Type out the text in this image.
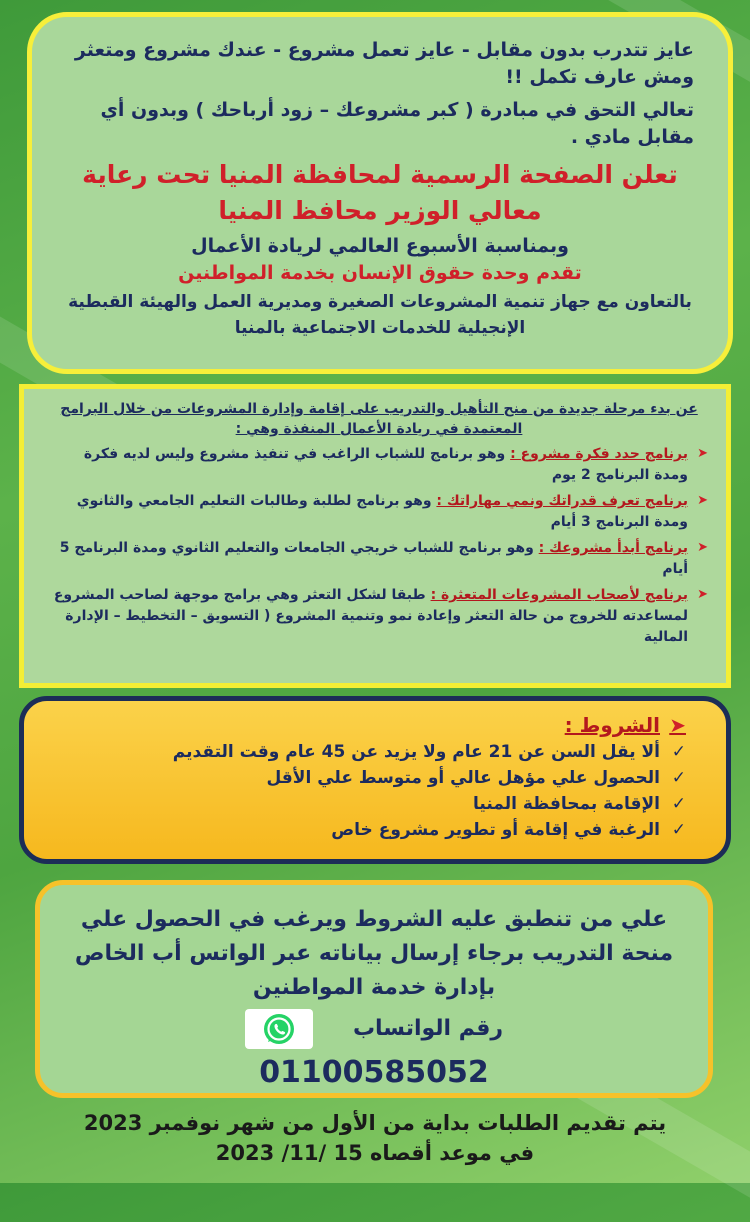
عايز تتدرب بدون مقابل - عايز تعمل مشروع - عندك مشروع ومتعثر ومش عارف تكمل !!

تعالي التحق في مبادرة ( كبر مشروعك – زود أرباحك ) وبدون أي مقابل مادي .

تعلن الصفحة الرسمية لمحافظة المنيا تحت رعاية معالي الوزير محافظ المنيا

وبمناسبة الأسبوع العالمي لريادة الأعمال

تقدم وحدة حقوق الإنسان بخدمة المواطنين

بالتعاون مع جهاز تنمية المشروعات الصغيرة ومديرية العمل والهيئة القبطية الإنجيلية للخدمات الاجتماعية بالمنيا

عن بدء مرحلة جديدة من منح التأهيل والتدريب على إقامة وإدارة المشروعات من خلال البرامج المعتمدة في ريادة الأعمال المنفذة وهي :

➤

برنامج حدد فكرة مشروع : وهو برنامج للشباب الراغب في تنفيذ مشروع وليس لديه فكرة ومدة البرنامج 2 يوم

➤

برنامج تعرف قدراتك ونمي مهاراتك : وهو برنامج لطلبة وطالبات التعليم الجامعي والثانوي ومدة البرنامج 3 أيام

➤

برنامج أبدأ مشروعك : وهو برنامج للشباب خريجي الجامعات والتعليم الثانوي ومدة البرنامج 5 أيام

➤

برنامج لأصحاب المشروعات المتعثرة : طبقا لشكل التعثر وهي برامج موجهة لصاحب المشروع لمساعدته للخروج من حالة التعثر وإعادة نمو وتنمية المشروع ( التسويق – التخطيط – الإدارة المالية

➤
الشروط :
✓
ألا يقل السن عن 21 عام ولا يزيد عن 45 عام وقت التقديم
✓
الحصول علي مؤهل عالي أو متوسط علي الأقل
✓
الإقامة بمحافظة المنيا
✓
الرغبة في إقامة أو تطوير مشروع خاص

علي من تنطبق عليه الشروط ويرغب في الحصول علي

منحة التدريب برجاء إرسال بياناته عبر الواتس أب الخاص

بإدارة خدمة المواطنين

رقم الواتساب

01100585052

يتم تقديم الطلبات بداية من الأول من شهر نوفمبر 2023

في موعد أقصاه 15 /11/ 2023
